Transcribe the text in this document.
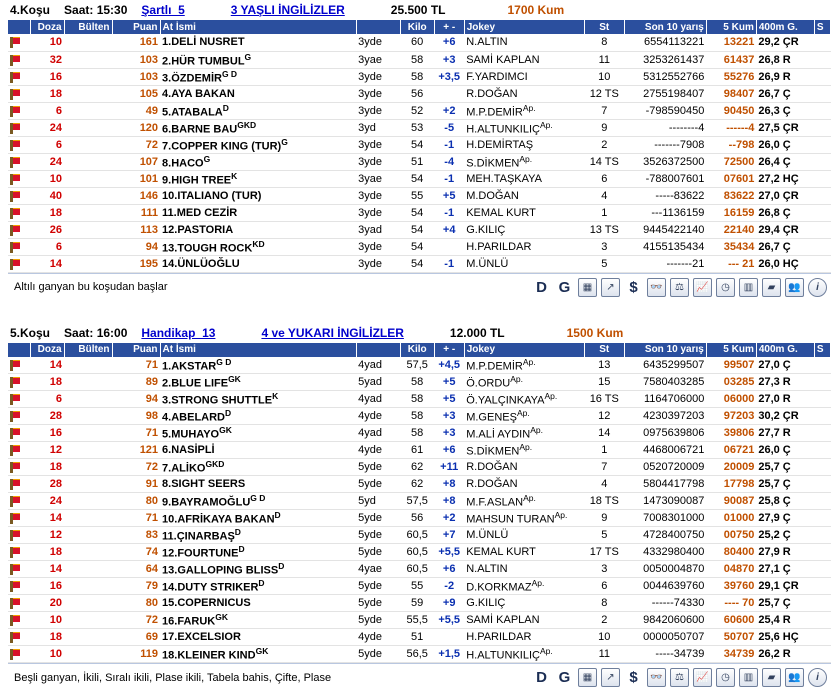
4.Koşu Saat: 15:30 Şartlı_5	3 YAŞLI İNGİLİZLER	25.500 TL	1700 Kum
	Doza	Bülten	Puan	At İsmi		Kilo	+ -	Jokey	St	Son 10 yarış	5 Kum	400m G.	S
	10		161	1.DELİ NUSRET	3yde	60	+6	N.ALTIN	8	6554113221	13221	29,2 ÇR	
	32		103	2.HÜR $TUMBUL^G$	3yae	58	+3	SAMİ KAPLAN	11	3253261437	61437	26,8 R	
	16		103	$3.ÖZDEMİR^{G D}$	3yde	58	+3,5	F.YARDIMCI	10	5312552766	55276	26,9 R	
	18		105	4.AYA BAKAN	3yde	56		R.DOĞAN	12 TS	2755198407	98407	26,7 Ç	
	6		49	$5.ATABALA^D$	3yde	52	+2	$M.P.DEMİR^{Ap.}$	7	-798590450	90450	26,3 Ç	
	24		120	6.BARNE $BAU^{GKD}$	3yd	53	-5	$H.ALTUNKILIÇ^{Ap.}$	9	--------4	------4	27,5 ÇR	
	6		72	7.COPPER KING (TUR)$^G$	3yde	54	-1	H.DEMİRTAŞ	2	-------7908	--798	26,0 Ç	
	24		107	$8.HACO^G$	3yde	51	-4	$S.DİKMEN^{Ap.}$	14 TS	3526372500	72500	26,4 Ç	
	10		101	9.HIGH $TREE^K$	3yae	54	-1	MEH.TAŞKAYA	6	-788007601	07601	27,2 HÇ	
	40		146	10.ITALIANO (TUR)	3yde	55	+5	M.DOĞAN	4	-----83622	83622	27,0 ÇR	
	18		111	11.MED CEZİR	3yde	54	-1	KEMAL KURT	1	---1136159	16159	26,8 Ç	
	26		113	12.PASTORIA	3yad	54	+4	G.KILIÇ	13 TS	9445422140	22140	29,4 ÇR	
	6		94	13.TOUGH $ROCK^{KD}$	3yde	54		H.PARILDAR	3	4155135434	35434	26,7 Ç	
	14		195	14.ÜNLÜOĞLU	3yde	54	-1	M.ÜNLÜ	5	-------21	--- 21	26,0 HÇ	
Altılı ganyan bu koşudan başlar	D G	▦	↗ $	👓	⚖	📈	◷	▥	▰	👥	i
5.Koşu Saat: 16:00 Handikap_13	4 ve YUKARI İNGİLİZLER	12.000 TL	1500 Kum
	Doza	Bülten	Puan	At İsmi		Kilo	+ -	Jokey	St	Son 10 yarış	5 Kum	400m G.	S
	14		71	$1.AKSTAR^{G D}$	4yad	57,5	+4,5	$M.P.DEMİR^{Ap.}$	13	6435299507	99507	27,0 Ç	
	18		89	2.BLUE $LIFE^{GK}$	5yad	58	+5	$Ö.ORDU^{Ap.}$	15	7580403285	03285	27,3 R	
	6		94	3.STRONG $SHUTTLE^K$	4yad	58	+5	$Ö.YALÇINKAYA^{Ap.}$	16 TS	1164706000	06000	27,0 R	
	28		98	$4.ABELARD^D$	4yde	58	+3	$M.GENEŞ^{Ap.}$	12	4230397203	97203	30,2 ÇR	
	16		71	$5.MUHAYO^{GK}$	4yad	58	+3	M.ALİ $AYDIN^{Ap.}$	14	0975639806	39806	27,7 R	
	12		121	6.NASİPLİ	4yde	61	+6	$S.DİKMEN^{Ap.}$	1	4468006721	06721	26,0 Ç	
	18		72	$7.ALİKO^{GKD}$	5yde	62	+11	R.DOĞAN	7	0520720009	20009	25,7 Ç	
	28		91	8.SIGHT SEERS	5yde	62	+8	R.DOĞAN	4	5804417798	17798	25,7 Ç	
	24		80	$9.BAYRAMOĞLU^{G D}$	5yd	57,5	+8	$M.F.ASLAN^{Ap.}$	18 TS	1473090087	90087	25,8 Ç	
	14		71	10.AFRİKAYA $BAKAN^D$	5yde	56	+2	MAHSUN $TURAN^{Ap.}$	9	7008301000	01000	27,9 Ç	
	12		83	$11.ÇINARBAŞ^D$	5yde	60,5	+7	M.ÜNLÜ	5	4728400750	00750	25,2 Ç	
	18		74	$12.FOURTUNE^D$	5yde	60,5	+5,5	KEMAL KURT	17 TS	4332980400	80400	27,9 R	
	14		64	13.GALLOPING $BLISS^D$	4yae	60,5	+6	N.ALTIN	3	0050004870	04870	27,1 Ç	
	16		79	14.DUTY $STRIKER^D$	5yde	55	-2	$D.KORKMAZ^{Ap.}$	6	0044639760	39760	29,1 ÇR	
	20		80	15.COPERNICUS	5yde	59	+9	G.KILIÇ	8	------74330	---- 70	25,7 Ç	
	10		72	$16.FARUK^{GK}$	5yde	55,5	+5,5	SAMİ KAPLAN	2	9842060600	60600	25,4 R	
	18		69	17.EXCELSIOR	4yde	51		H.PARILDAR	10	0000050707	50707	25,6 HÇ	
	10		119	18.KLEINER $KIND^{GK}$	5yde	56,5	+1,5	$H.ALTUNKILIÇ^{Ap.}$	11	-----34739	34739	26,2 R	
Beşli ganyan, İkili, Sıralı ikili, Plase ikili, Tabela bahis, Çifte, Plase	D G	▦	↗ $	👓	⚖	📈	◷	▥	▰	👥	i
